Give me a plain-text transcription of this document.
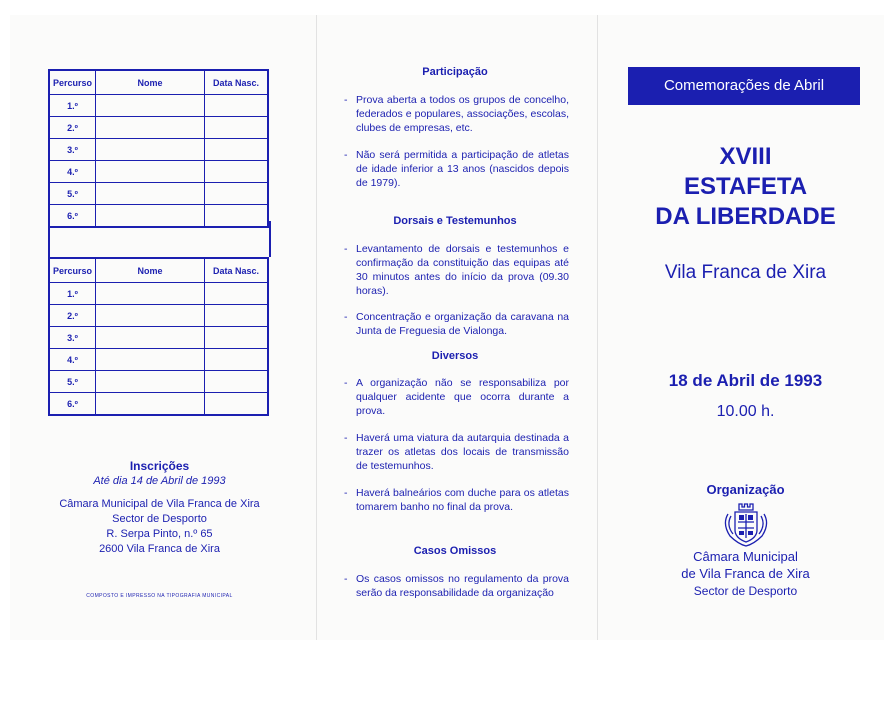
Percurso	Nome	Data Nasc.
1.º		
2.º		
3.º		
4.º		
5.º		
6.º		
Percurso	Nome	Data Nasc.
1.º		
2.º		
3.º		
4.º		
5.º		
6.º		
Inscrições
Até dia 14 de Abril de 1993
Câmara Municipal de Vila Franca de Xira
Sector de Desporto
R. Serpa Pinto, n.º 65
2600 Vila Franca de Xira
COMPOSTO E IMPRESSO NA TIPOGRAFIA MUNICIPAL
Participação
- Prova aberta a todos os grupos de concelho, federados e populares, associações, escolas, clubes de empresas, etc.
- Não será permitida a participação de atletas de idade inferior a 13 anos (nascidos depois de 1979).
Dorsais e Testemunhos
- Levantamento de dorsais e testemunhos e confirmação da constituição das equipas até 30 minutos antes do início da prova (09.30 horas).
- Concentração e organização da caravana na Junta de Freguesia de Vialonga.
Diversos
- A organização não se responsabiliza por qualquer acidente que ocorra durante a prova.
- Haverá uma viatura da autarquia destinada a trazer os atletas dos locais de transmissão de testemunhos.
- Haverá balneários com duche para os atletas tomarem banho no final da prova.
Casos Omissos
- Os casos omissos no regulamento da prova serão da responsabilidade da organização
Comemorações de Abril
XVIII
ESTAFETA
DA LIBERDADE
Vila Franca de Xira
18 de Abril de 1993
10.00 h.
Organização
Câmara Municipal
de Vila Franca de Xira
Sector de Desporto
